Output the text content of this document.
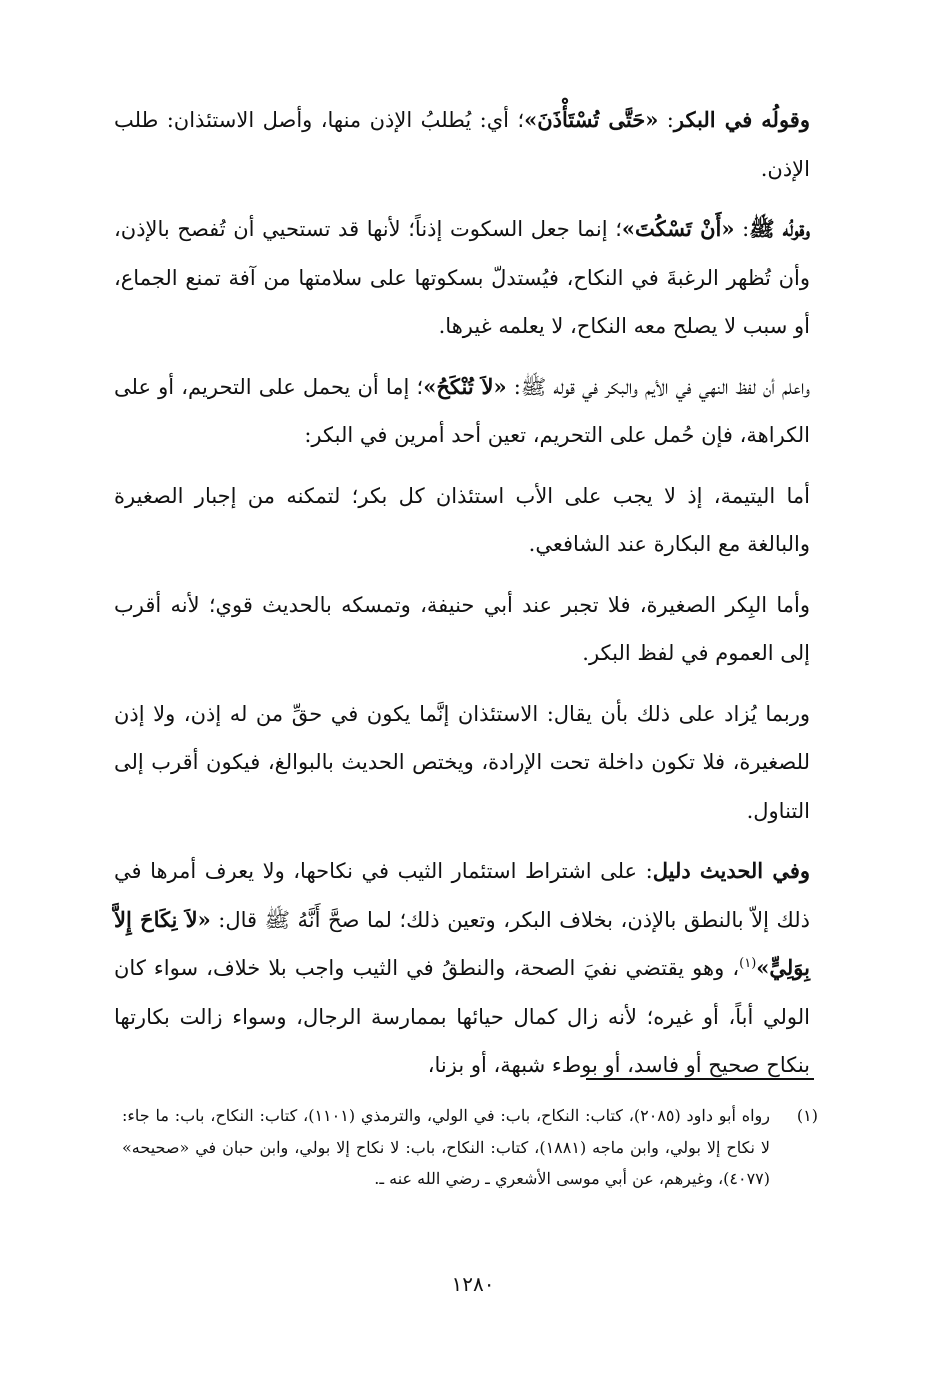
وقولُه في البكر: «حَتَّى تُسْتَأْذَنَ»؛ أي: يُطلبُ الإذن منها، وأصل الاستئذان: طلب الإذن.

وقولُه ﷺ: «أَنْ تَسْكُتَ»؛ إنما جعل السكوت إذناً؛ لأنها قد تستحيي أن تُفصح بالإذن، وأن تُظهر الرغبةَ في النكاح، فيُستدلّ بسكوتها على سلامتها من آفة تمنع الجماع، أو سبب لا يصلح معه النكاح، لا يعلمه غيرها.

واعلم أن لفظ النهي في الأيم والبكر في قوله ﷺ: «لاَ تُنْكَحُ»؛ إما أن يحمل على التحريم، أو على الكراهة، فإن حُمل على التحريم، تعين أحد أمرين في البكر:

أما اليتيمة، إذ لا يجب على الأب استئذان كل بكر؛ لتمكنه من إجبار الصغيرة والبالغة مع البكارة عند الشافعي.

وأما البِكر الصغيرة، فلا تجبر عند أبي حنيفة، وتمسكه بالحديث قوي؛ لأنه أقرب إلى العموم في لفظ البكر.

وربما يُزاد على ذلك بأن يقال: الاستئذان إنَّما يكون في حقِّ من له إذن، ولا إذن للصغيرة، فلا تكون داخلة تحت الإرادة، ويختص الحديث بالبوالغ، فيكون أقرب إلى التناول.

وفي الحديث دليل: على اشتراط استئمار الثيب في نكاحها، ولا يعرف أمرها في ذلك إلاّ بالنطق بالإذن، بخلاف البكر، وتعين ذلك؛ لما صحَّ أَنَّهُ ﷺ قال: «لاَ نِكَاحَ إِلاَّ بِوَلِيٍّ»$^{(١)}$، وهو يقتضي نفيَ الصحة، والنطقُ في الثيب واجب بلا خلاف، سواء كان الولي أباً، أو غيره؛ لأنه زال كمال حيائها بممارسة الرجال، وسواء زالت بكارتها بنكاح صحيح أو فاسد، أو بوطء شبهة، أو بزنا،

(١)
رواه أبو داود (٢٠٨٥)، كتاب: النكاح، باب: في الولي، والترمذي (١١٠١)، كتاب: النكاح، باب: ما جاء: لا نكاح إلا بولي، وابن ماجه (١٨٨١)، كتاب: النكاح، باب: لا نكاح إلا بولي، وابن حبان في «صحيحه» (٤٠٧٧)، وغيرهم، عن أبي موسى الأشعري ـ رضي الله عنه ـ.
١٢٨٠
